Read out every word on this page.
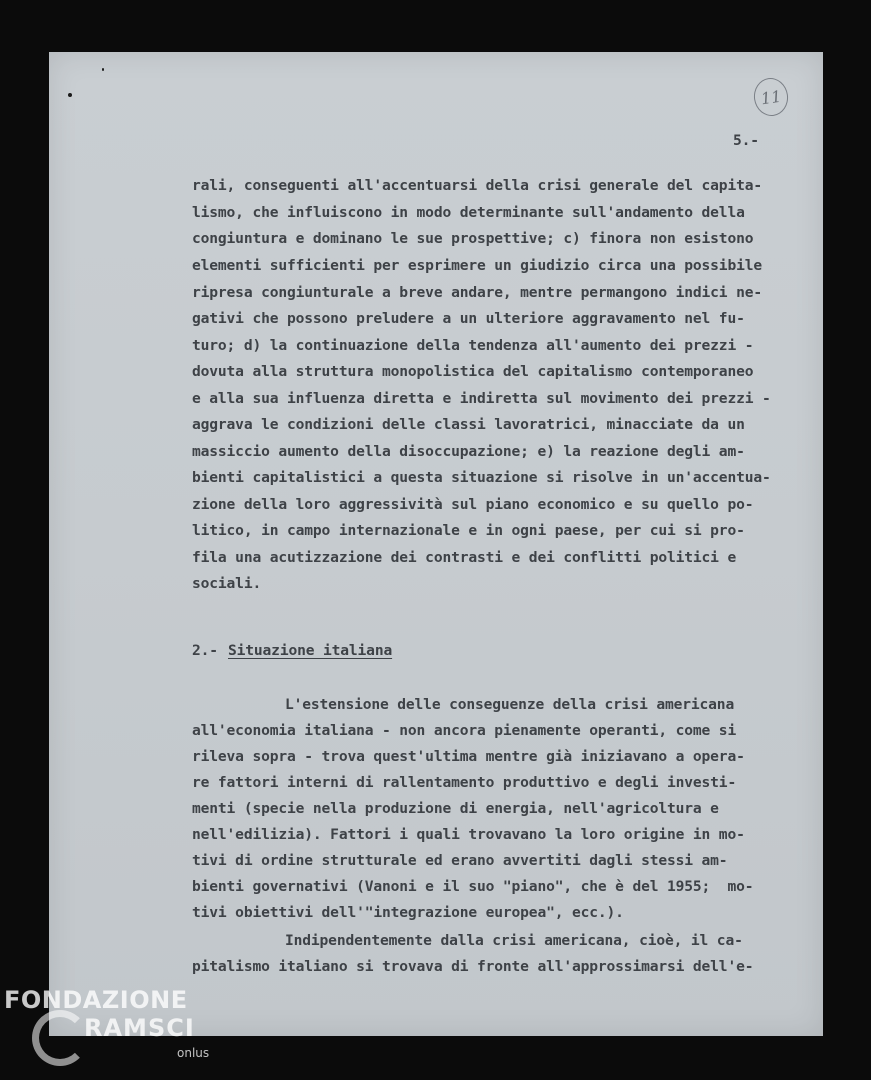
11
5.-
rali, conseguenti all'accentuarsi della crisi generale del capita-
lismo, che influiscono in modo determinante sull'andamento della
congiuntura e dominano le sue prospettive; c) finora non esistono
elementi sufficienti per esprimere un giudizio circa una possibile
ripresa congiunturale a breve andare, mentre permangono indici ne-
gativi che possono preludere a un ulteriore aggravamento nel fu-
turo; d) la continuazione della tendenza all'aumento dei prezzi -
dovuta alla struttura monopolistica del capitalismo contemporaneo
e alla sua influenza diretta e indiretta sul movimento dei prezzi -
aggrava le condizioni delle classi lavoratrici, minacciate da un
massiccio aumento della disoccupazione; e) la reazione degli am-
bienti capitalistici a questa situazione si risolve in un'accentua-
zione della loro aggressività sul piano economico e su quello po-
litico, in campo internazionale e in ogni paese, per cui si pro-
fila una acutizzazione dei contrasti e dei conflitti politici e
sociali.
2.- Situazione italiana
L'estensione delle conseguenze della crisi americana
all'economia italiana - non ancora pienamente operanti, come si
rileva sopra - trova quest'ultima mentre già iniziavano a opera-
re fattori interni di rallentamento produttivo e degli investi-
menti (specie nella produzione di energia, nell'agricoltura e
nell'edilizia). Fattori i quali trovavano la loro origine in mo-
tivi di ordine strutturale ed erano avvertiti dagli stessi am-
bienti governativi (Vanoni e il suo "piano", che è del 1955;  mo-
tivi obiettivi dell'"integrazione europea", ecc.).
Indipendentemente dalla crisi americana, cioè, il ca-
pitalismo italiano si trovava di fronte all'approssimarsi dell'e-
FONDAZIONE
RAMSCI
onlus
